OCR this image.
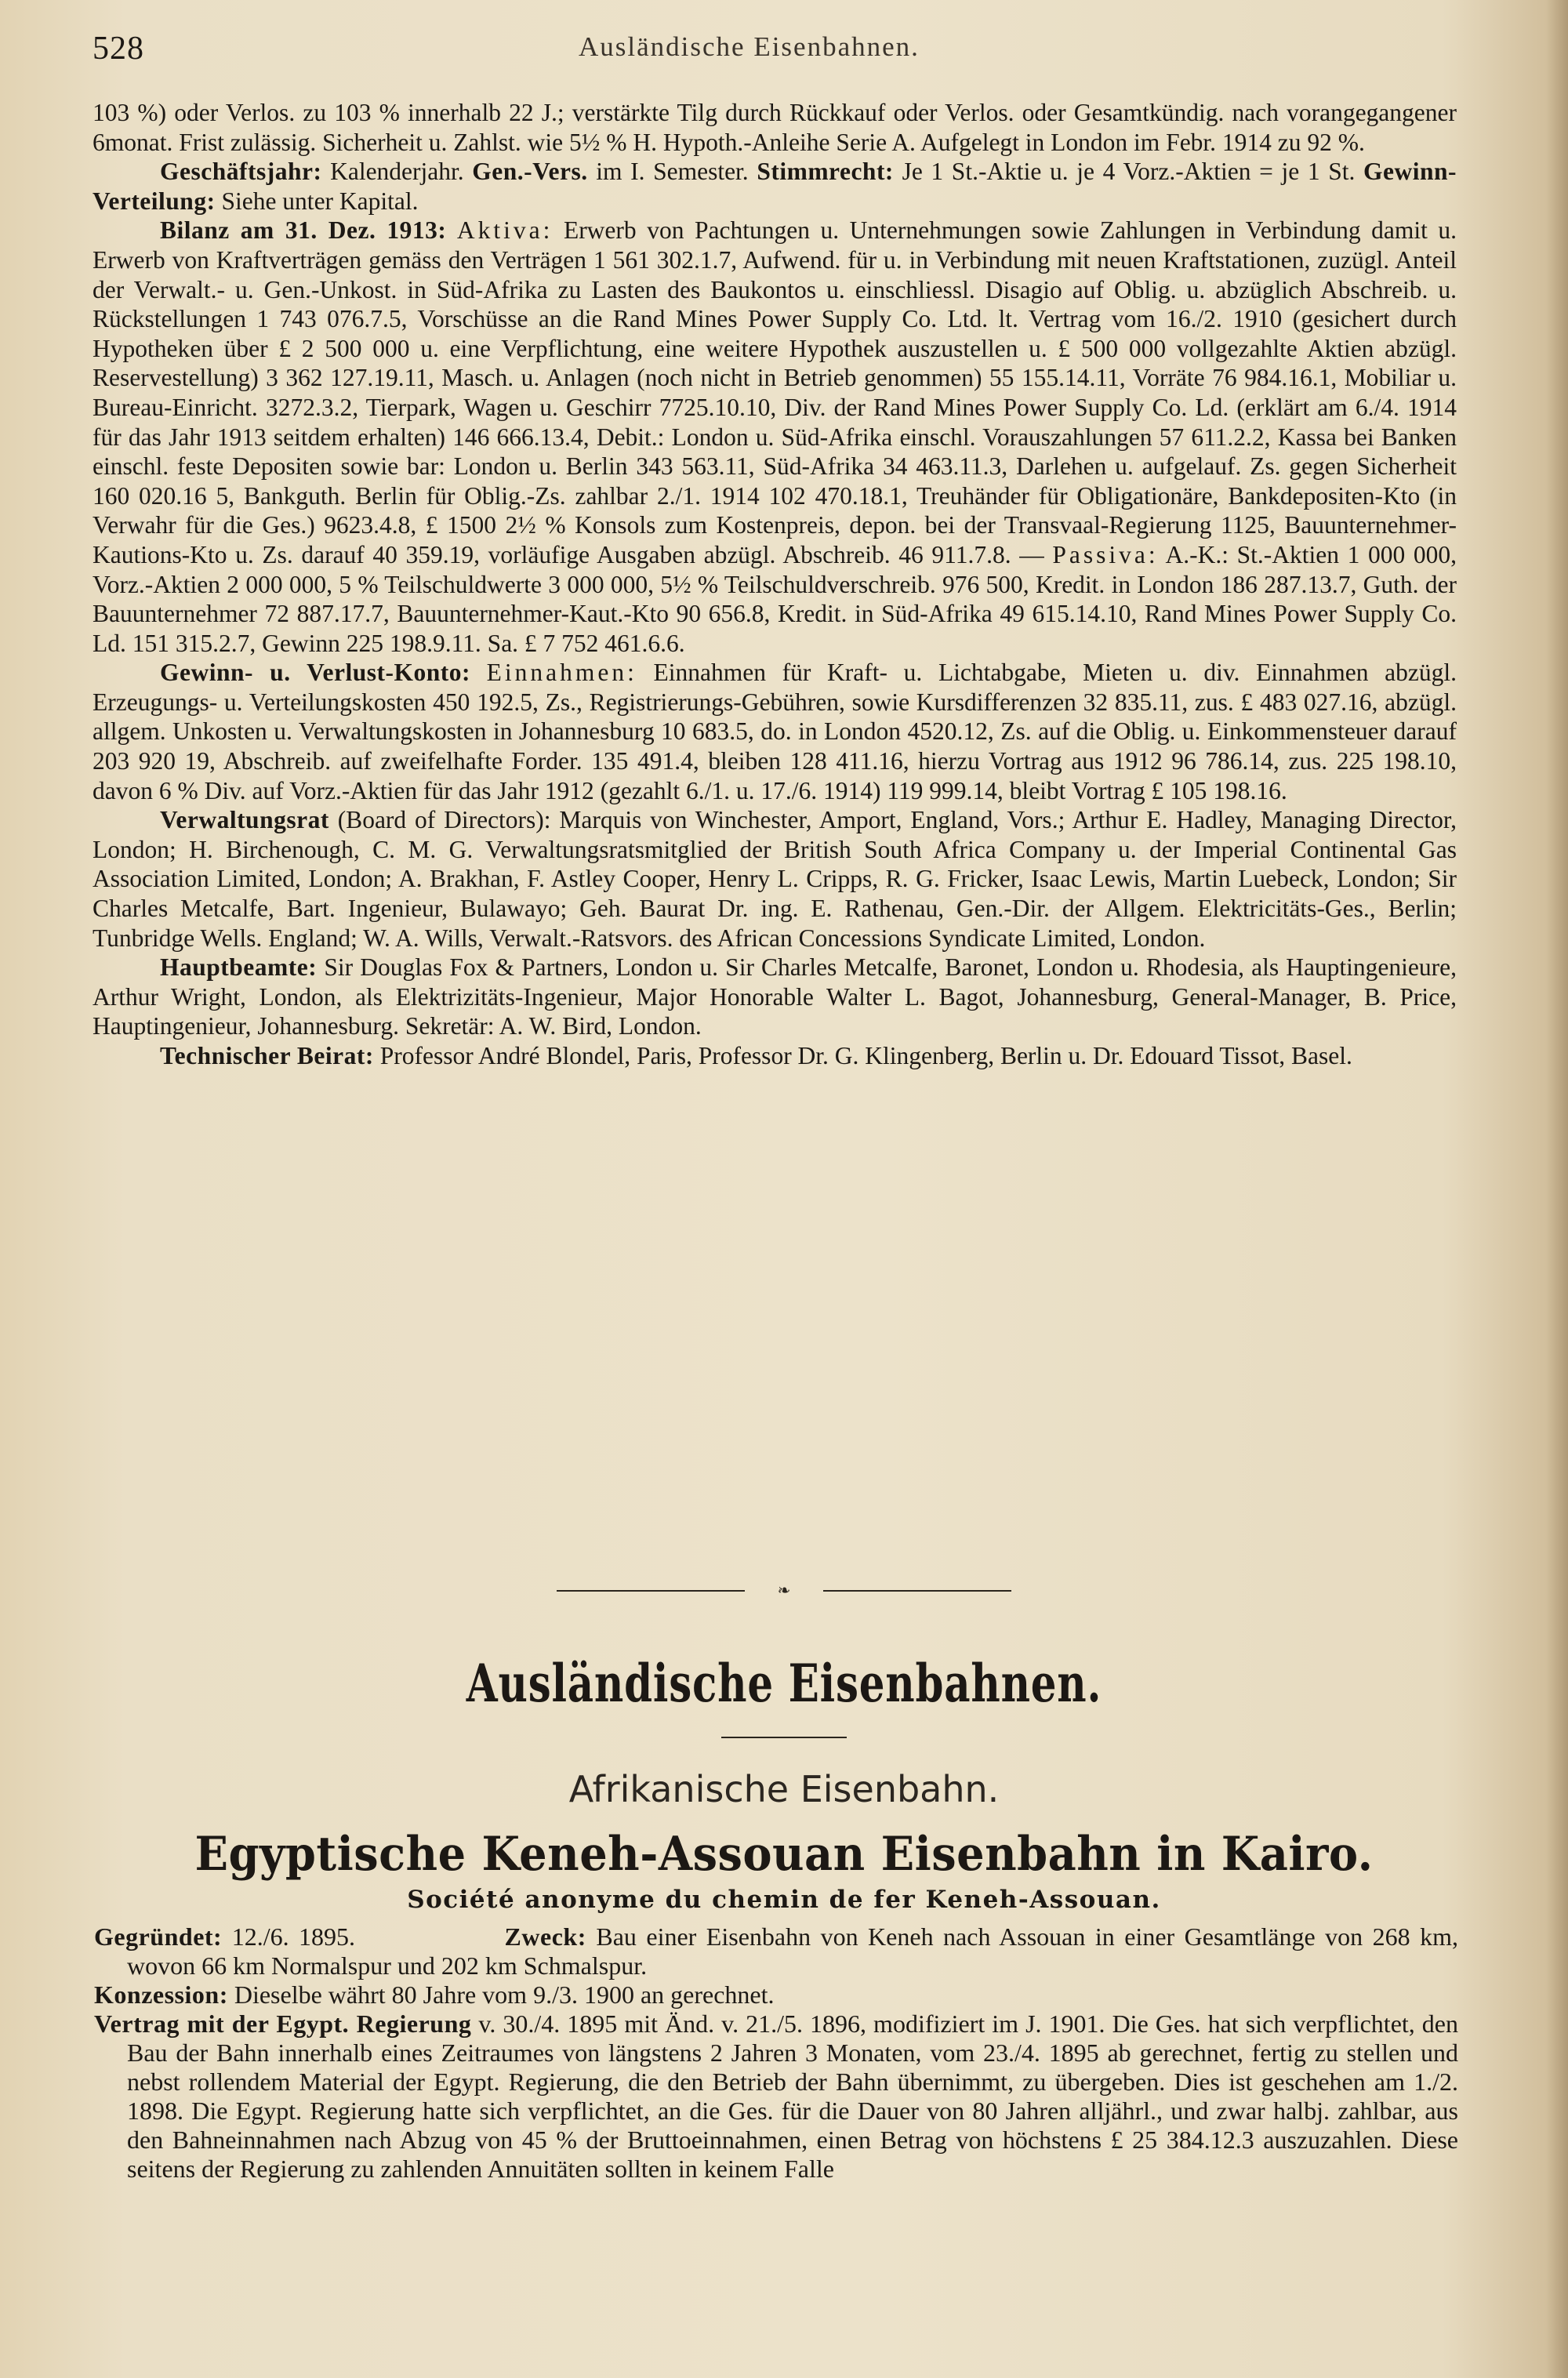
528	Ausländische Eisenbahnen.

103 %) oder Verlos. zu 103 % innerhalb 22 J.; verstärkte Tilg durch Rückkauf oder Verlos. oder Gesamtkündig. nach vorangegangener 6monat. Frist zulässig. Sicherheit u. Zahlst. wie 5½ % H. Hypoth.-Anleihe Serie A. Aufgelegt in London im Febr. 1914 zu 92 %.

Geschäftsjahr: Kalenderjahr. Gen.-Vers. im I. Semester. Stimmrecht: Je 1 St.-Aktie u. je 4 Vorz.-Aktien = je 1 St. Gewinn-Verteilung: Siehe unter Kapital.

Bilanz am 31. Dez. 1913: Aktiva: Erwerb von Pachtungen u. Unternehmungen sowie Zahlungen in Verbindung damit u. Erwerb von Kraftverträgen gemäss den Verträgen 1 561 302.1.7, Aufwend. für u. in Verbindung mit neuen Kraftstationen, zuzügl. Anteil der Verwalt.- u. Gen.-Unkost. in Süd-Afrika zu Lasten des Baukontos u. einschliessl. Disagio auf Oblig. u. abzüglich Abschreib. u. Rückstellungen 1 743 076.7.5, Vorschüsse an die Rand Mines Power Supply Co. Ltd. lt. Vertrag vom 16./2. 1910 (gesichert durch Hypotheken über £ 2 500 000 u. eine Verpflichtung, eine weitere Hypothek auszustellen u. £ 500 000 vollgezahlte Aktien abzügl. Reservestellung) 3 362 127.19.11, Masch. u. Anlagen (noch nicht in Betrieb genommen) 55 155.14.11, Vorräte 76 984.16.1, Mobiliar u. Bureau-Einricht. 3272.3.2, Tierpark, Wagen u. Geschirr 7725.10.10, Div. der Rand Mines Power Supply Co. Ld. (erklärt am 6./4. 1914 für das Jahr 1913 seitdem erhalten) 146 666.13.4, Debit.: London u. Süd-Afrika einschl. Vorauszahlungen 57 611.2.2, Kassa bei Banken einschl. feste Depositen sowie bar: London u. Berlin 343 563.11, Süd-Afrika 34 463.11.3, Darlehen u. aufgelauf. Zs. gegen Sicherheit 160 020.16 5, Bankguth. Berlin für Oblig.-Zs. zahlbar 2./1. 1914 102 470.18.1, Treuhänder für Obligationäre, Bankdepositen-Kto (in Verwahr für die Ges.) 9623.4.8, £ 1500 2½ % Konsols zum Kostenpreis, depon. bei der Transvaal-Regierung 1125, Bauunternehmer-Kautions-Kto u. Zs. darauf 40 359.19, vorläufige Ausgaben abzügl. Abschreib. 46 911.7.8. — Passiva: A.-K.: St.-Aktien 1 000 000, Vorz.-Aktien 2 000 000, 5 % Teilschuldwerte 3 000 000, 5½ % Teilschuldverschreib. 976 500, Kredit. in London 186 287.13.7, Guth. der Bauunternehmer 72 887.17.7, Bauunternehmer-Kaut.-Kto 90 656.8, Kredit. in Süd-Afrika 49 615.14.10, Rand Mines Power Supply Co. Ld. 151 315.2.7, Gewinn 225 198.9.11. Sa. £ 7 752 461.6.6.

Gewinn- u. Verlust-Konto: Einnahmen: Einnahmen für Kraft- u. Lichtabgabe, Mieten u. div. Einnahmen abzügl. Erzeugungs- u. Verteilungskosten 450 192.5, Zs., Registrierungs-Gebühren, sowie Kursdifferenzen 32 835.11, zus. £ 483 027.16, abzügl. allgem. Unkosten u. Verwaltungskosten in Johannesburg 10 683.5, do. in London 4520.12, Zs. auf die Oblig. u. Einkommensteuer darauf 203 920 19, Abschreib. auf zweifelhafte Forder. 135 491.4, bleiben 128 411.16, hierzu Vortrag aus 1912 96 786.14, zus. 225 198.10, davon 6 % Div. auf Vorz.-Aktien für das Jahr 1912 (gezahlt 6./1. u. 17./6. 1914) 119 999.14, bleibt Vortrag £ 105 198.16.

Verwaltungsrat (Board of Directors): Marquis von Winchester, Amport, England, Vors.; Arthur E. Hadley, Managing Director, London; H. Birchenough, C. M. G. Verwaltungsratsmitglied der British South Africa Company u. der Imperial Continental Gas Association Limited, London; A. Brakhan, F. Astley Cooper, Henry L. Cripps, R. G. Fricker, Isaac Lewis, Martin Luebeck, London; Sir Charles Metcalfe, Bart. Ingenieur, Bulawayo; Geh. Baurat Dr. ing. E. Rathenau, Gen.-Dir. der Allgem. Elektricitäts-Ges., Berlin; Tunbridge Wells. England; W. A. Wills, Verwalt.-Ratsvors. des African Concessions Syndicate Limited, London.

Hauptbeamte: Sir Douglas Fox & Partners, London u. Sir Charles Metcalfe, Baronet, London u. Rhodesia, als Hauptingenieure, Arthur Wright, London, als Elektrizitäts-Ingenieur, Major Honorable Walter L. Bagot, Johannesburg, General-Manager, B. Price, Hauptingenieur, Johannesburg. Sekretär: A. W. Bird, London.

Technischer Beirat: Professor André Blondel, Paris, Professor Dr. G. Klingenberg, Berlin u. Dr. Edouard Tissot, Basel.

❧
Ausländische Eisenbahnen.
Afrikanische Eisenbahn.
Egyptische Keneh-Assouan Eisenbahn in Kairo.
Société anonyme du chemin de fer Keneh-Assouan.

Gegründet: 12./6. 1895.	Zweck: Bau einer Eisenbahn von Keneh nach Assouan in einer Gesamtlänge von 268 km, wovon 66 km Normalspur und 202 km Schmalspur.

Konzession: Dieselbe währt 80 Jahre vom 9./3. 1900 an gerechnet.

Vertrag mit der Egypt. Regierung v. 30./4. 1895 mit Änd. v. 21./5. 1896, modifiziert im J. 1901. Die Ges. hat sich verpflichtet, den Bau der Bahn innerhalb eines Zeitraumes von längstens 2 Jahren 3 Monaten, vom 23./4. 1895 ab gerechnet, fertig zu stellen und nebst rollendem Material der Egypt. Regierung, die den Betrieb der Bahn übernimmt, zu übergeben. Dies ist geschehen am 1./2. 1898. Die Egypt. Regierung hatte sich verpflichtet, an die Ges. für die Dauer von 80 Jahren alljährl., und zwar halbj. zahlbar, aus den Bahneinnahmen nach Abzug von 45 % der Bruttoeinnahmen, einen Betrag von höchstens £ 25 384.12.3 auszuzahlen. Diese seitens der Regierung zu zahlenden Annuitäten sollten in keinem Falle
